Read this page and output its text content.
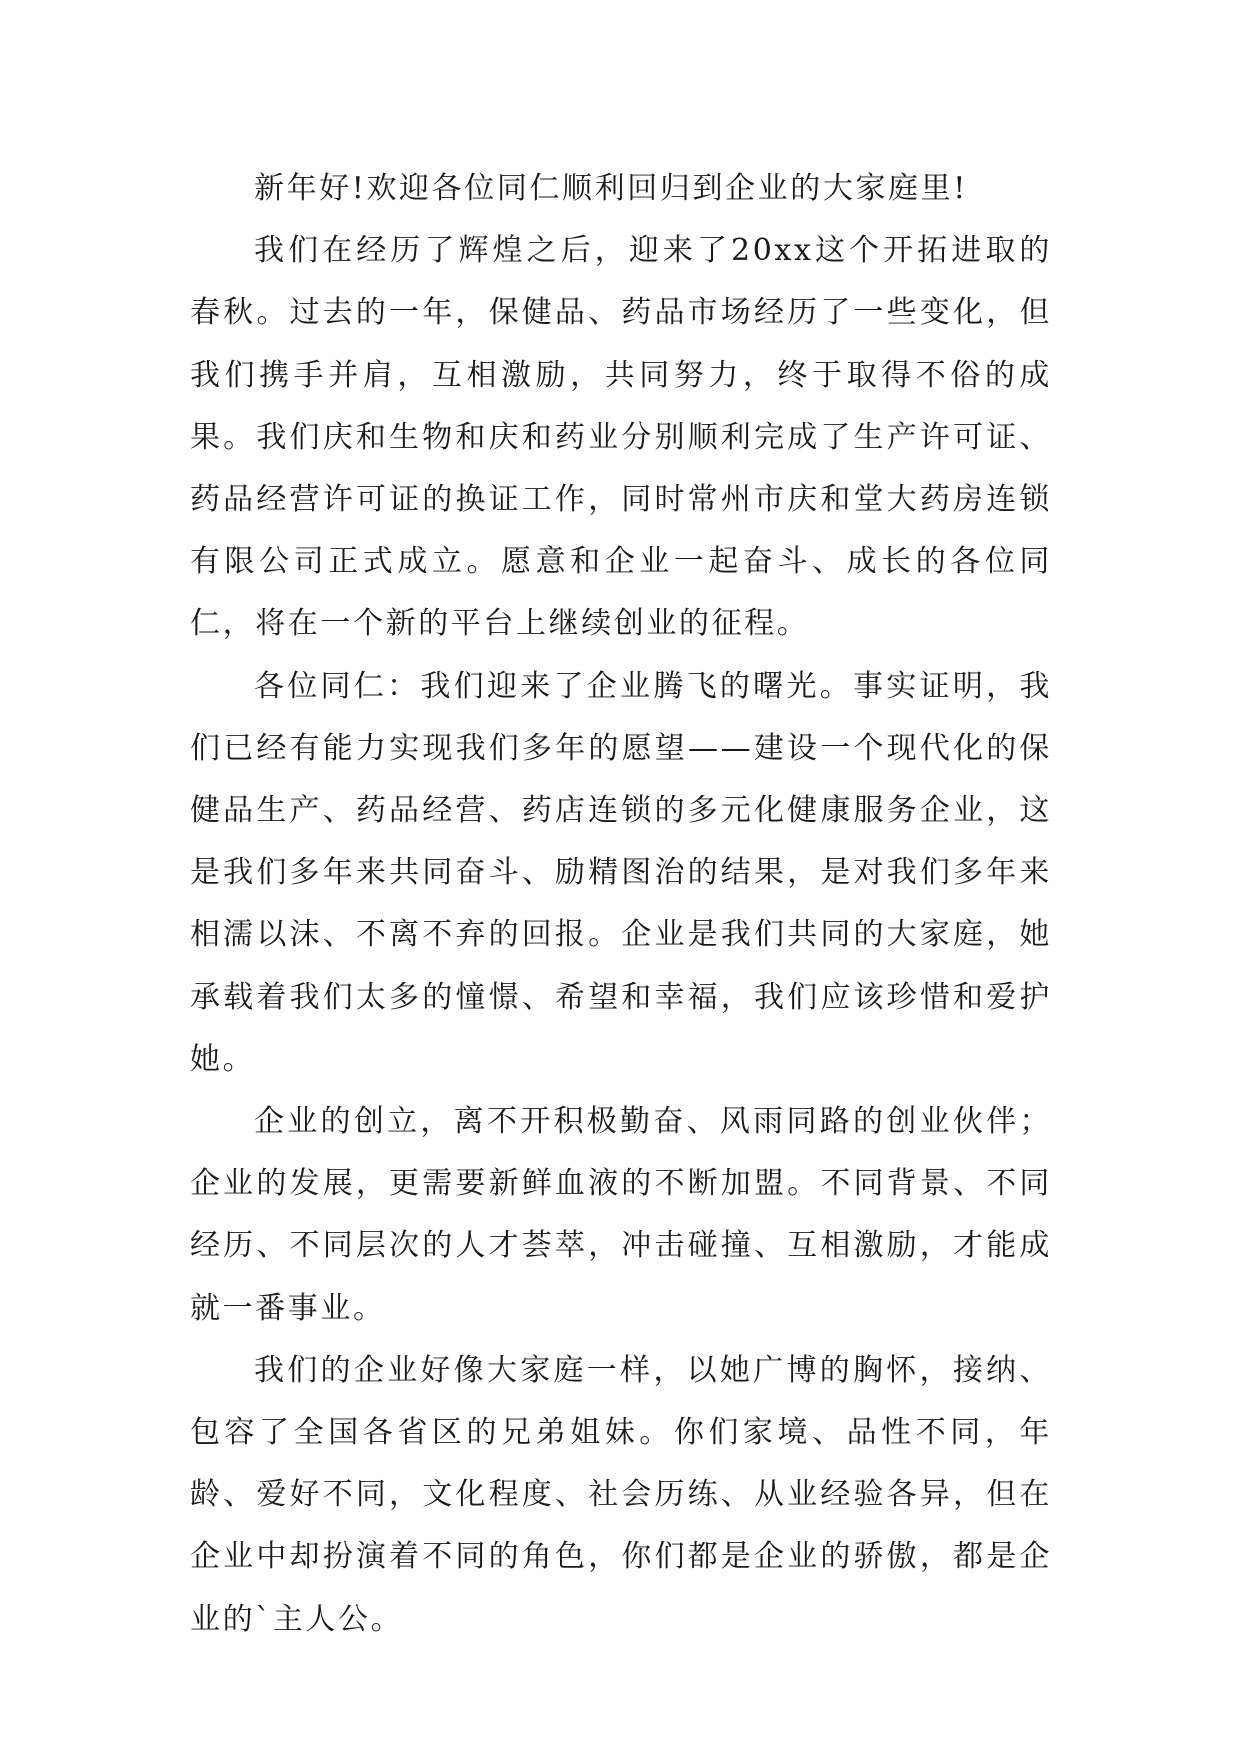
新年好!欢迎各位同仁顺利回归到企业的大家庭里!

我们在经历了辉煌之后，迎来了20xx这个开拓进取的春秋。过去的一年，保健品、药品市场经历了一些变化，但我们携手并肩，互相激励，共同努力，终于取得不俗的成果。我们庆和生物和庆和药业分别顺利完成了生产许可证、药品经营许可证的换证工作，同时常州市庆和堂大药房连锁有限公司正式成立。愿意和企业一起奋斗、成长的各位同仁，将在一个新的平台上继续创业的征程。

各位同仁：我们迎来了企业腾飞的曙光。事实证明，我们已经有能力实现我们多年的愿望——建设一个现代化的保健品生产、药品经营、药店连锁的多元化健康服务企业，这是我们多年来共同奋斗、励精图治的结果，是对我们多年来相濡以沫、不离不弃的回报。企业是我们共同的大家庭，她承载着我们太多的憧憬、希望和幸福，我们应该珍惜和爱护她。

企业的创立，离不开积极勤奋、风雨同路的创业伙伴；企业的发展，更需要新鲜血液的不断加盟。不同背景、不同经历、不同层次的人才荟萃，冲击碰撞、互相激励，才能成就一番事业。

我们的企业好像大家庭一样，以她广博的胸怀，接纳、包容了全国各省区的兄弟姐妹。你们家境、品性不同，年龄、爱好不同，文化程度、社会历练、从业经验各异，但在企业中却扮演着不同的角色，你们都是企业的骄傲，都是企业的`主人公。
